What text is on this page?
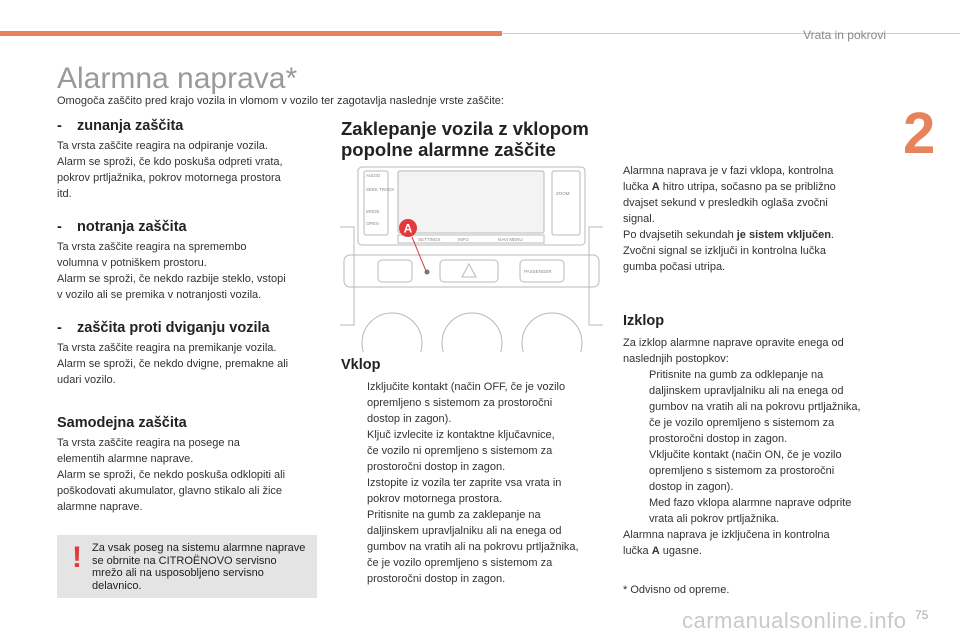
Vrata in pokrovi
2
Alarmna naprava*
Omogoča zaščito pred krajo vozila in vlomom v vozilo ter zagotavlja naslednje vrste zaščite:
- zunanja zaščita

Ta vrsta zaščite reagira na odpiranje vozila.

Alarm se sproži, če kdo poskuša odpreti vrata,

pokrov prtljažnika, pokrov motornega prostora

itd.

- notranja zaščita

Ta vrsta zaščite reagira na spremembo

volumna v potniškem prostoru.

Alarm se sproži, če nekdo razbije steklo, vstopi

v vozilo ali se premika v notranjosti vozila.

- zaščita proti dviganju vozila

Ta vrsta zaščite reagira na premikanje vozila.

Alarm se sproži, če nekdo dvigne, premakne ali

udari vozilo.

Samodejna zaščita

Ta vrsta zaščite reagira na posege na

elementih alarmne naprave.

Alarm se sproži, če nekdo poskuša odklopiti ali

poškodovati akumulator, glavno stikalo ali žice

alarmne naprave.

! Za vsak poseg na sistemu alarmne naprave se obrnite na CITROËNOVO servisno mrežo ali na usposobljeno servisno delavnico.
Zaklepanje vozila z vklopom
popolne alarmne zaščite
AUDIO
SEEK TRACK
MODE
OPEN
SETTINGS	INFO	NAVI MENU
ZOOM
PASSENGER
A
Vklop

Izključite kontakt (način OFF, če je vozilo

opremljeno s sistemom za prostoročni

dostop in zagon).

Ključ izvlecite iz kontaktne ključavnice,

če vozilo ni opremljeno s sistemom za

prostoročni dostop in zagon.

Izstopite iz vozila ter zaprite vsa vrata in

pokrov motornega prostora.

Pritisnite na gumb za zaklepanje na

daljinskem upravljalniku ali na enega od

gumbov na vratih ali na pokrovu prtljažnika,

če je vozilo opremljeno s sistemom za

prostoročni dostop in zagon.

Alarmna naprava je v fazi vklopa, kontrolna

lučka A hitro utripa, sočasno pa se približno

dvajset sekund v presledkih oglaša zvočni

signal.

Po dvajsetih sekundah je sistem vključen.

Zvočni signal se izključi in kontrolna lučka

gumba počasi utripa.

Izklop

Za izklop alarmne naprave opravite enega od

naslednjih postopkov:

Pritisnite na gumb za odklepanje na

daljinskem upravljalniku ali na enega od

gumbov na vratih ali na pokrovu prtljažnika,

če je vozilo opremljeno s sistemom za

prostoročni dostop in zagon.

Vključite kontakt (način ON, če je vozilo

opremljeno s sistemom za prostoročni

dostop in zagon).

Med fazo vklopa alarmne naprave odprite

vrata ali pokrov prtljažnika.

Alarmna naprava je izključena in kontrolna

lučka A ugasne.

* Odvisno od opreme.
carmanualsonline.info 75
